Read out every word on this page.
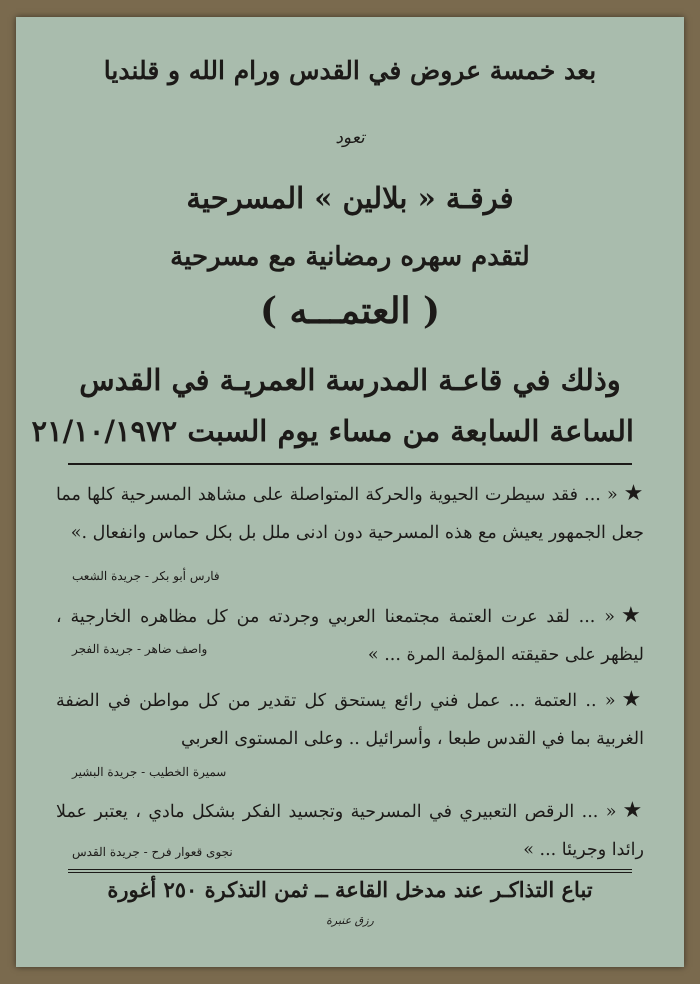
بعد خمسة عروض في القدس ورام الله و قلنديا
تعود
فرقـة « بلالين » المسرحية
لتقدم سهره رمضانية مع مسرحية
( العتمـــه )
وذلك في قاعـة المدرسة العمريـة في القدس
الساعة السابعة من مساء يوم السبت ٢١/١٠/١٩٧٢
★« ... فقد سيطرت الحيوية والحركة المتواصلة على مشاهد المسرحية كلها مما جعل الجمهور يعيش مع هذه المسرحية دون ادنى ملل بل بكل حماس وانفعال .»
فارس أبو بكر - جريدة الشعب
★« ... لقد عرت العتمة مجتمعنا العربي وجردته من كل مظاهره الخارجية ، ليظهر على حقيقته المؤلمة المرة ... »
واصف ضاهر - جريدة الفجر
★« .. العتمة ... عمل فني رائع يستحق كل تقدير من كل مواطن في الضفة الغربية بما في القدس طبعا ، وأسرائيل .. وعلى المستوى العربي
سميرة الخطيب - جريدة البشير
★« ... الرقص التعبيري في المسرحية وتجسيد الفكر بشكل مادي ، يعتبر عملا رائدا وجريئا ... »
نجوى قعوار فرح - جريدة القدس
تباع التذاكـر عند مدخل القاعة ــ ثمن التذكرة ٢٥٠ أغورة
رزق عنبرة
